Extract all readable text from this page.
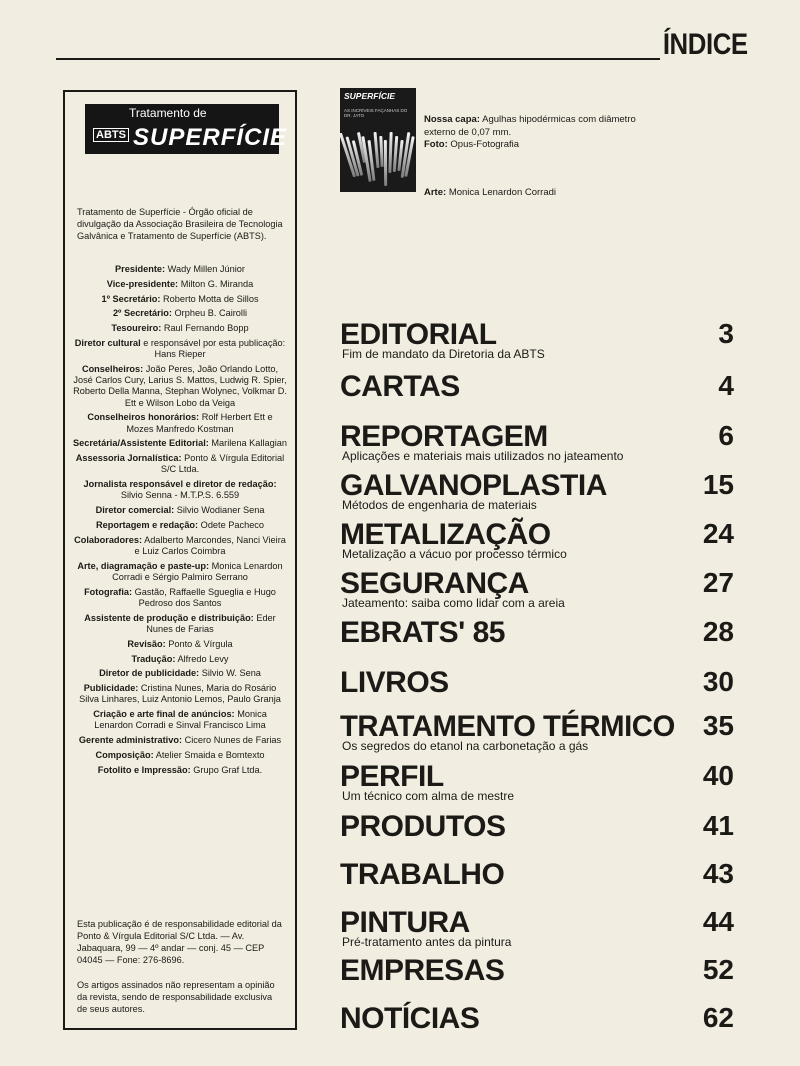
ÍNDICE
Tratamento de
ABTS SUPERFÍCIE
Tratamento de Superfície - Órgão oficial de divulgação da Associação Brasileira de Tecnologia Galvânica e Tratamento de Superfície (ABTS).
Presidente: Wady Millen Júnior
Vice-presidente: Milton G. Miranda
1º Secretário: Roberto Motta de Sillos
2º Secretário: Orpheu B. Cairolli
Tesoureiro: Raul Fernando Bopp
Diretor cultural e responsável por esta publicação: Hans Rieper
Conselheiros: João Peres, João Orlando Lotto, José Carlos Cury, Larius S. Mattos, Ludwig R. Spier, Roberto Della Manna, Stephan Wolynec, Volkmar D. Ett e Wilson Lobo da Veiga
Conselheiros honorários: Rolf Herbert Ett e Mozes Manfredo Kostman
Secretária/Assistente Editorial: Marilena Kallagian
Assessoria Jornalística: Ponto & Vírgula Editorial S/C Ltda.
Jornalista responsável e diretor de redação: Silvio Senna - M.T.P.S. 6.559
Diretor comercial: Silvio Wodianer Sena
Reportagem e redação: Odete Pacheco
Colaboradores: Adalberto Marcondes, Nanci Vieira e Luiz Carlos Coimbra
Arte, diagramação e paste-up: Monica Lenardon Corradi e Sérgio Palmiro Serrano
Fotografia: Gastão, Raffaelle Sgueglia e Hugo Pedroso dos Santos
Assistente de produção e distribuição: Eder Nunes de Farias
Revisão: Ponto & Vírgula
Tradução: Alfredo Levy
Diretor de publicidade: Silvio W. Sena
Publicidade: Cristina Nunes, Maria do Rosário Silva Linhares, Luiz Antonio Lemos, Paulo Granja
Criação e arte final de anúncios: Monica Lenardon Corradi e Sinval Francisco Lima
Gerente administrativo: Cicero Nunes de Farias
Composição: Atelier Smaida e Bomtexto
Fotolito e Impressão: Grupo Graf Ltda.
Esta publicação é de responsabilidade editorial da Ponto & Vírgula Editorial S/C Ltda. — Av. Jabaquara, 99 — 4º andar — conj. 45 — CEP 04045 — Fone: 276-8696.
Os artigos assinados não representam a opinião da revista, sendo de responsabilidade exclusiva de seus autores.
SUPERFÍCIE
AS INCRÍVEIS FAÇANHAS DO DR. JATO	Nossa capa: Agulhas hipodérmicas com diâmetro externo de 0,07 mm.
Foto: Opus-Fotografia
Arte: Monica Lenardon Corradi
EDITORIAL
Fim de mandato da Diretoria da ABTS
3
CARTAS	4
REPORTAGEM
Aplicações e materiais mais utilizados no jateamento
6
GALVANOPLASTIA
Métodos de engenharia de materiais
15
METALIZAÇÃO
Metalização a vácuo por processo térmico
24
SEGURANÇA
Jateamento: saiba como lidar com a areia
27
EBRATS' 85	28
LIVROS	30
TRATAMENTO TÉRMICO
Os segredos do etanol na carbonetação a gás
35
PERFIL
Um técnico com alma de mestre
40
PRODUTOS	41
TRABALHO	43
PINTURA
Pré-tratamento antes da pintura
44
EMPRESAS	52
NOTÍCIAS	62
